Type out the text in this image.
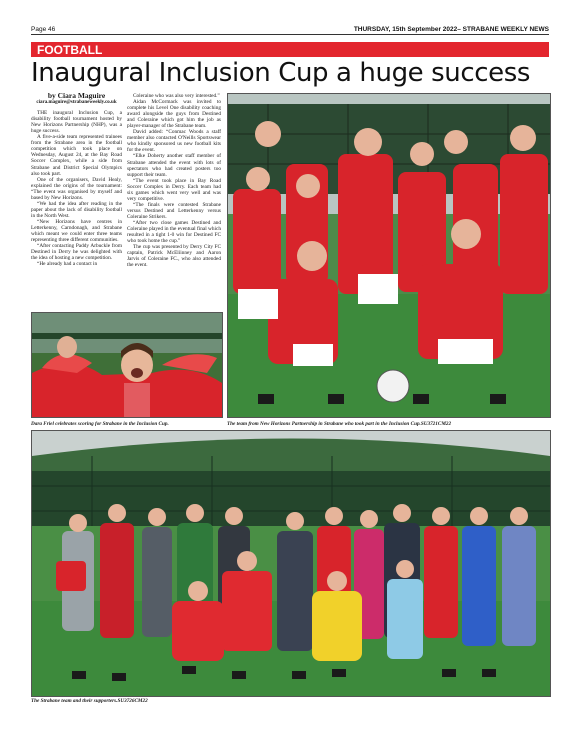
Page 46	THURSDAY, 15th September 2022– STRABANE WEEKLY NEWS
FOOTBALL
Inaugural Inclusion Cup a huge success
by Ciara Maguire
ciara.maguire@strabaneweekly.co.uk

THE inaugural Inclusion Cup, a disability football tournament hosted by New Horizons Partnership (NHP), was a huge success.

A five-a-side team represented trainees from the Strabane area in the football competition which took place on Wednesday, August 24, at the Bay Road Soccer Complex, while a side from Strabane and District Special Olympics also took part.

One of the organisers, David Healy, explained the origins of the tournament: “The event was organised by myself and based by New Horizons.

“We had the idea after reading in the paper about the lack of disability football in the North West.

“New Horizons have centres in Letterkenny, Carndonagh, and Strabane which meant we could enter three teams representing three different communities.

“After contacting Paddy Arbuckle from Destined in Derry he was delighted with the idea of hosting a new competition.

“He already had a contact in

Coleraine who was also very interested.”

Aidan McCormack was invited to complete his Level One disability coaching award alongside the guys from Destined and Coleraine which got him the job as player-manager of the Strabane team.

David added: “Conmac Woods a staff member also contacted O'Neills Sportswear who kindly sponsored us new football kits for the event.

“Elke Doherty another staff member of Strabane attended the event with lots of spectators who had created posters too support their team.

“The event took place in Bay Road Soccer Complex in Derry. Each team had six games which went very well and was very competitive.

“The finals were contested Strabane versus Destined and Letterkenny versus Coleraine Strikers.

“After two close games Destined and Coleraine played in the eventual final which resulted in a tight 1-0 win for Destined FC who took home the cup.”

The cup was presented by Derry City FC captain, Patrick McEliinney and Aaron Jarvis of Coleraine FC., who also attended the event.

Dara Friel celebrates scoring for Strabane in the Inclusion Cup.	The team from New Horizons Partnership in Strabane who took part in the Inclusion Cup.SU3721CM22
The Strabane team and their supporters.SU3726CM22
